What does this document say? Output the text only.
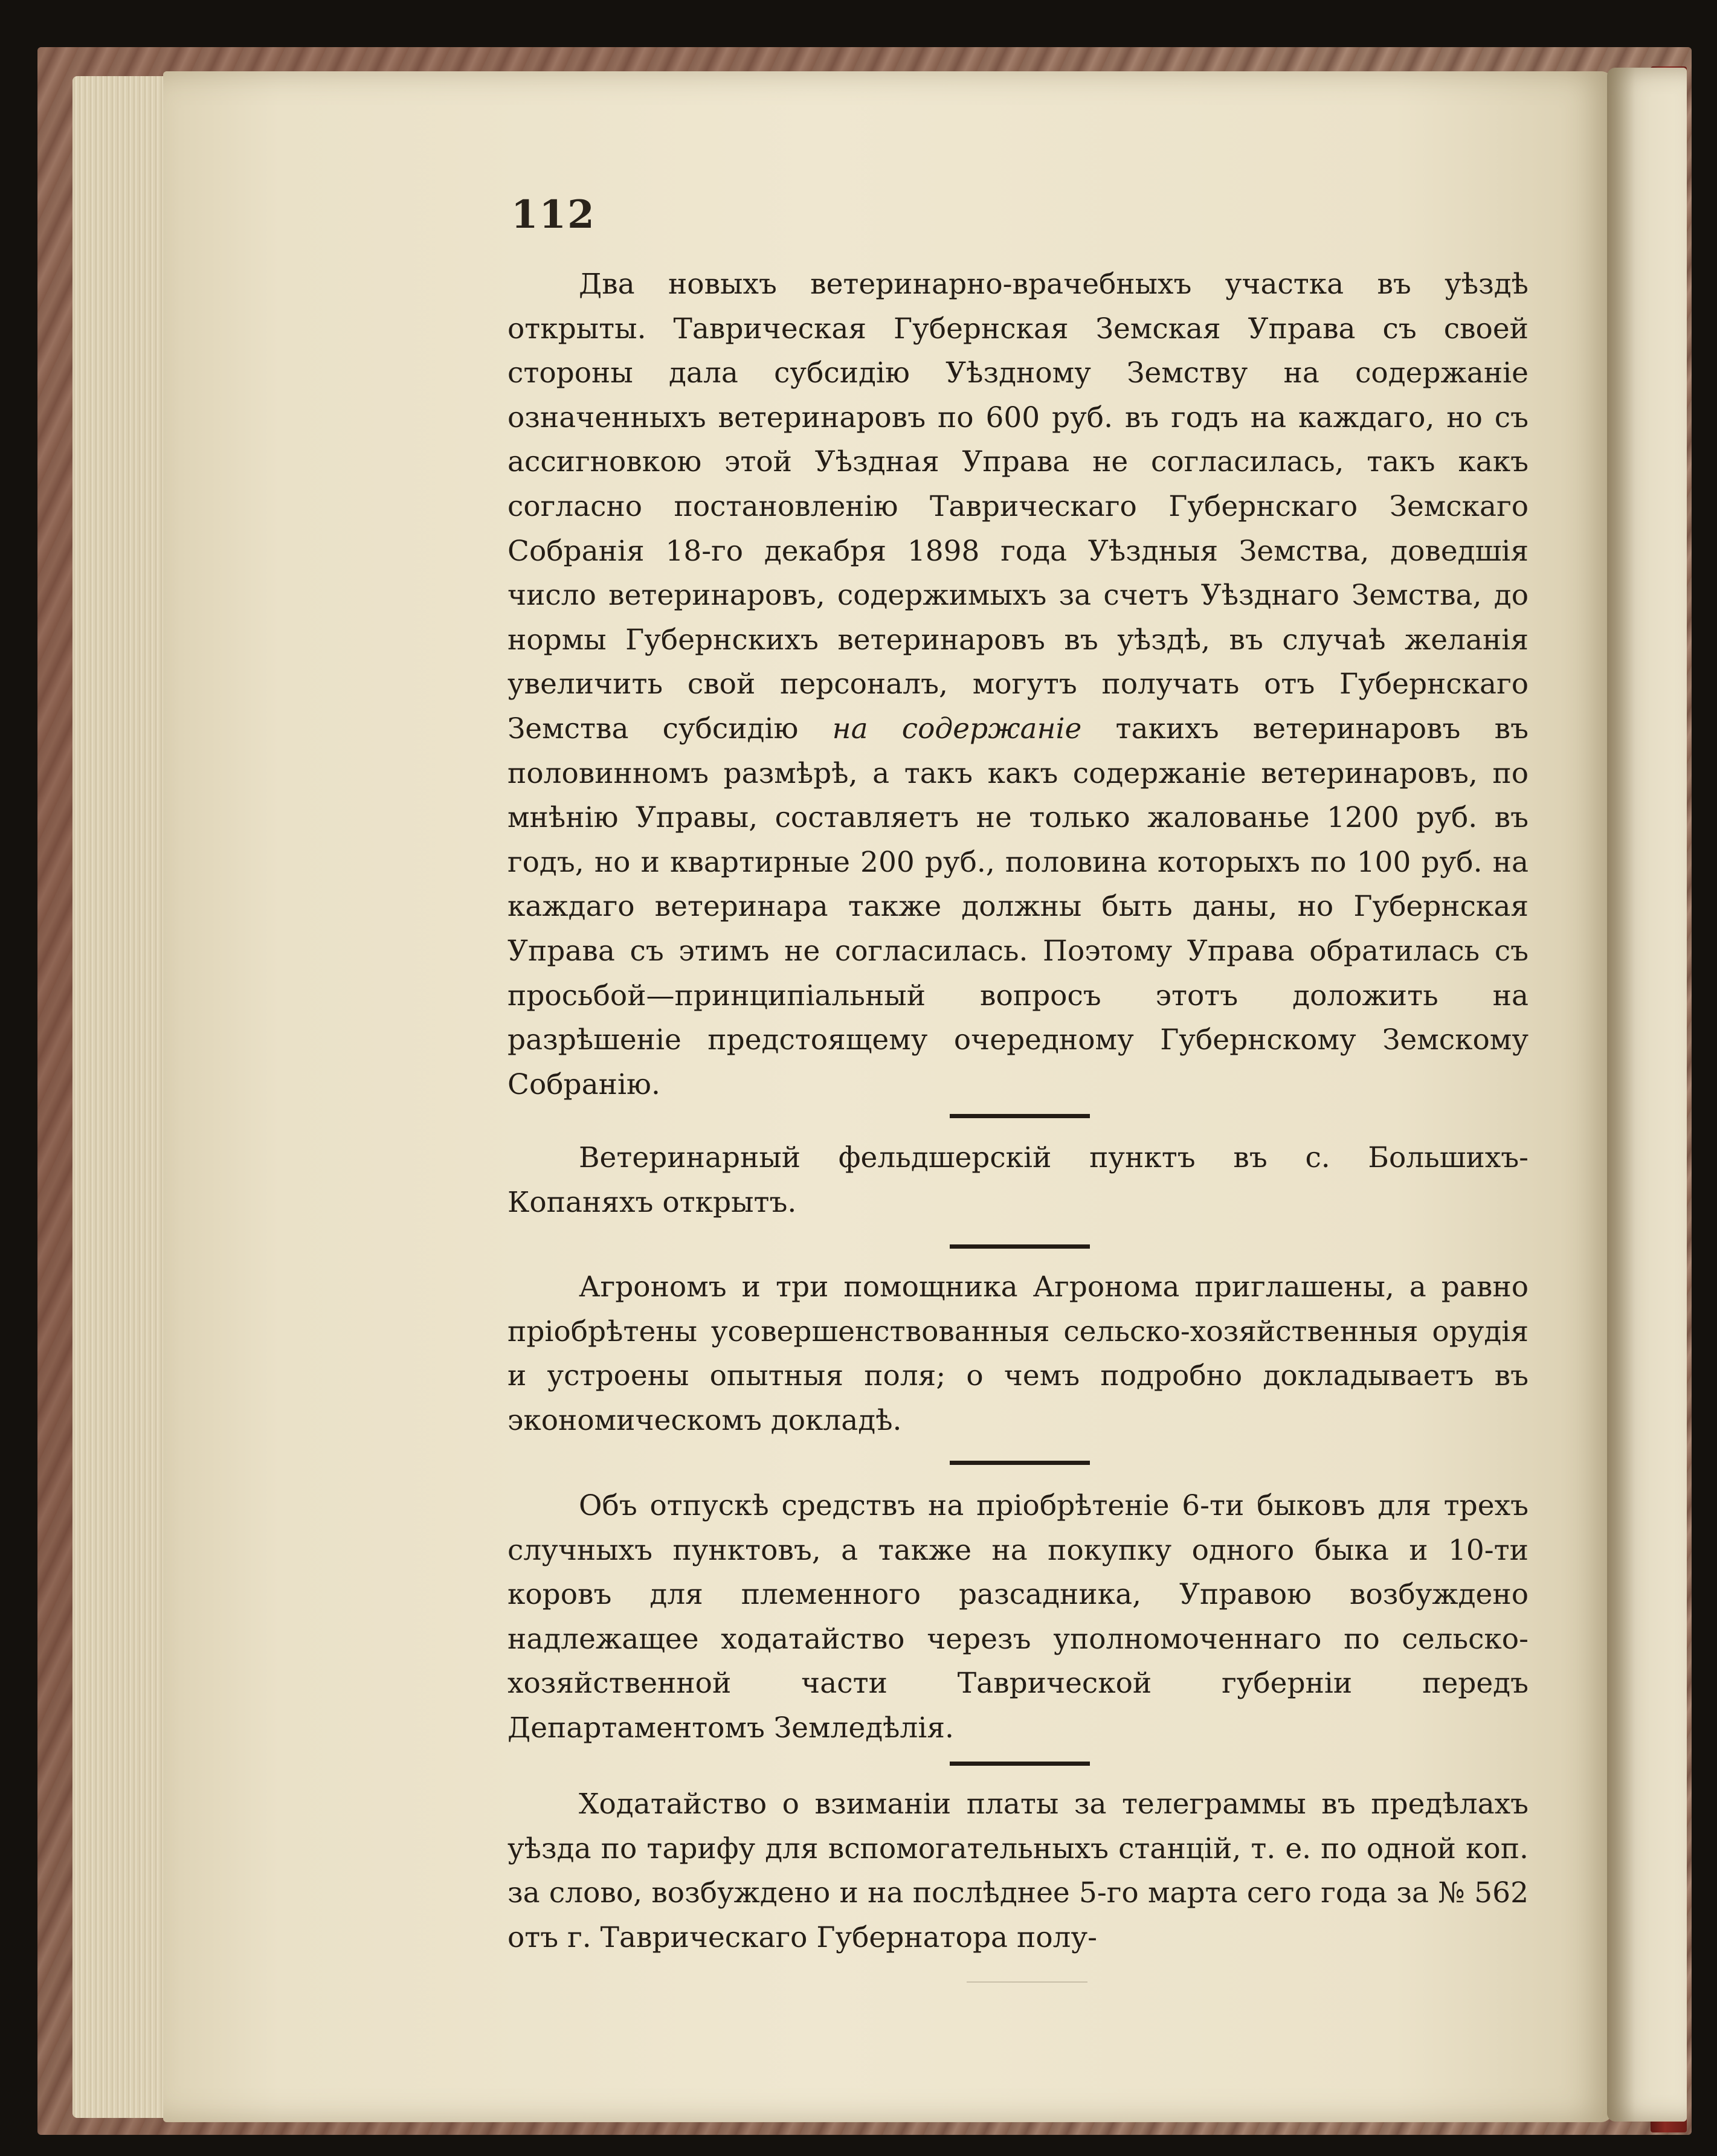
112

Два новыхъ ветеринарно-врачебныхъ участка въ уѣздѣ открыты. Таврическая Губернская Земская Управа съ своей стороны дала субсидію Уѣздному Земству на содержаніе означенныхъ ветеринаровъ по 600 руб. въ годъ на каждаго, но съ ассигновкою этой Уѣздная Управа не согласилась, такъ какъ согласно постановленію Таврическаго Губернскаго Земскаго Собранія 18-го декабря 1898 года Уѣздныя Земства, доведшія число ветеринаровъ, содержимыхъ за счетъ Уѣзднаго Земства, до нормы Губернскихъ ветеринаровъ въ уѣздѣ, въ случаѣ желанія увеличить свой персоналъ, могутъ получать отъ Губернскаго Земства субсидію на содержаніе такихъ ветеринаровъ въ половинномъ размѣрѣ, а такъ какъ содержаніе ветеринаровъ, по мнѣнію Управы, составляетъ не только жалованье 1200 руб. въ годъ, но и квартирные 200 руб., половина которыхъ по 100 руб. на каждаго ветеринара также должны быть даны, но Губернская Управа съ этимъ не согласилась. Поэтому Управа обратилась съ просьбой—принципіальный вопросъ этотъ доложить на разрѣшеніе предстоящему очередному Губернскому Земскому Собранію.

Ветеринарный фельдшерскій пунктъ въ с. Большихъ-Копаняхъ открытъ.

Агрономъ и три помощника Агронома приглашены, а равно пріобрѣтены усовершенствованныя сельско-хозяйственныя орудія и устроены опытныя поля; о чемъ подробно докладываетъ въ экономическомъ докладѣ.

Объ отпускѣ средствъ на пріобрѣтеніе 6-ти быковъ для трехъ случныхъ пунктовъ, а также на покупку одного быка и 10-ти коровъ для племенного разсадника, Управою возбуждено надлежащее ходатайство черезъ уполномоченнаго по сельско-хозяйственной части Таврической губерніи передъ Департаментомъ Земледѣлія.

Ходатайство о взиманіи платы за телеграммы въ предѣлахъ уѣзда по тарифу для вспомогательныхъ станцій, т. е. по одной коп. за слово, возбуждено и на послѣднее 5-го марта сего года за № 562 отъ г. Таврическаго Губернатора полу-
